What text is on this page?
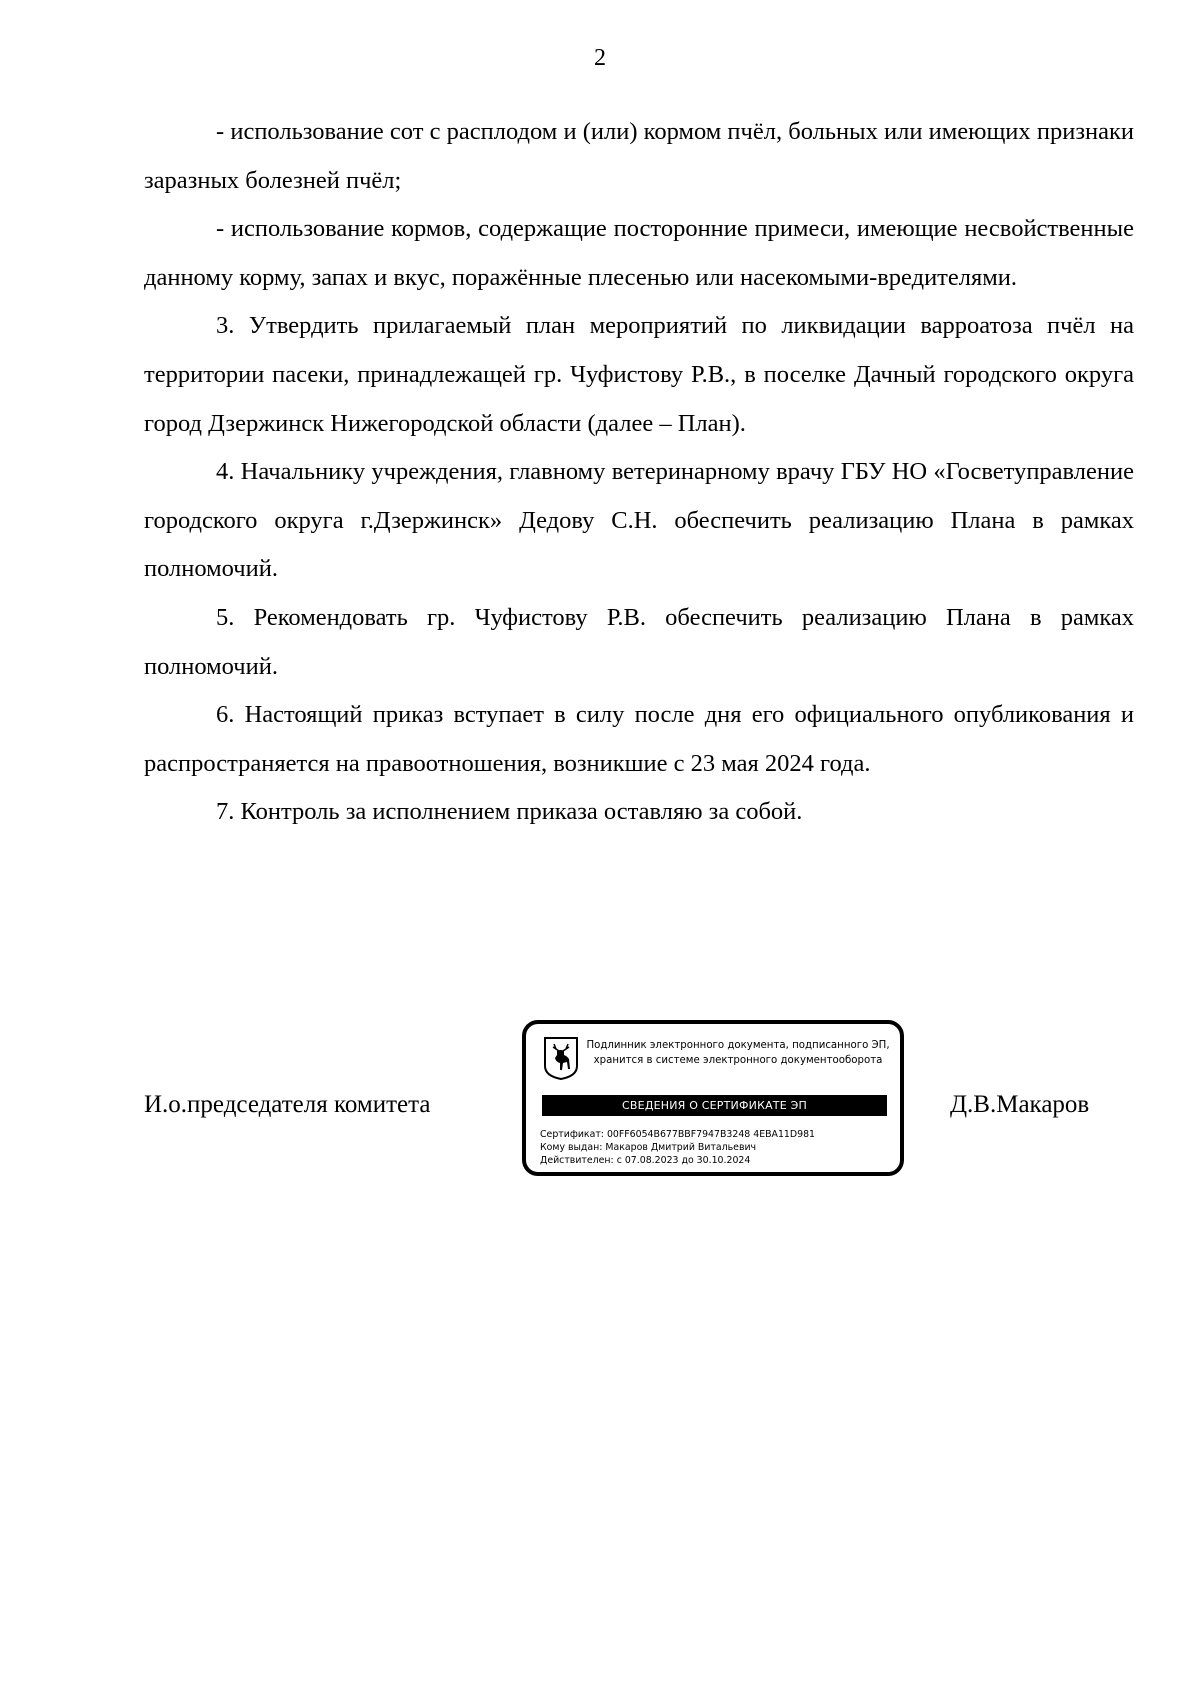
2

- использование сот с расплодом и (или) кормом пчёл, больных или имеющих признаки заразных болезней пчёл;

- использование кормов, содержащие посторонние примеси, имеющие несвойственные данному корму, запах и вкус, поражённые плесенью или насекомыми-вредителями.

3. Утвердить прилагаемый план мероприятий по ликвидации варроатоза пчёл на территории пасеки, принадлежащей гр. Чуфистову Р.В., в поселке Дачный городского округа город Дзержинск Нижегородской области (далее – План).

4. Начальнику учреждения, главному ветеринарному врачу ГБУ НО «Госветуправление городского округа г.Дзержинск» Дедову С.Н. обеспечить реализацию Плана в рамках полномочий.

5. Рекомендовать гр. Чуфистову Р.В. обеспечить реализацию Плана в рамках полномочий.

6. Настоящий приказ вступает в силу после дня его официального опубликования и распространяется на правоотношения, возникшие с 23 мая 2024 года.

7. Контроль за исполнением приказа оставляю за собой.

И.о.председателя комитета
Подлинник электронного документа, подписанного ЭП,
хранится в системе электронного документооборота
СВЕДЕНИЯ О СЕРТИФИКАТЕ ЭП
Сертификат: 00FF6054B677BBF7947B3248 4EBA11D981
Кому выдан: Макаров Дмитрий Витальевич
Действителен: с 07.08.2023 до 30.10.2024
Д.В.Макаров
